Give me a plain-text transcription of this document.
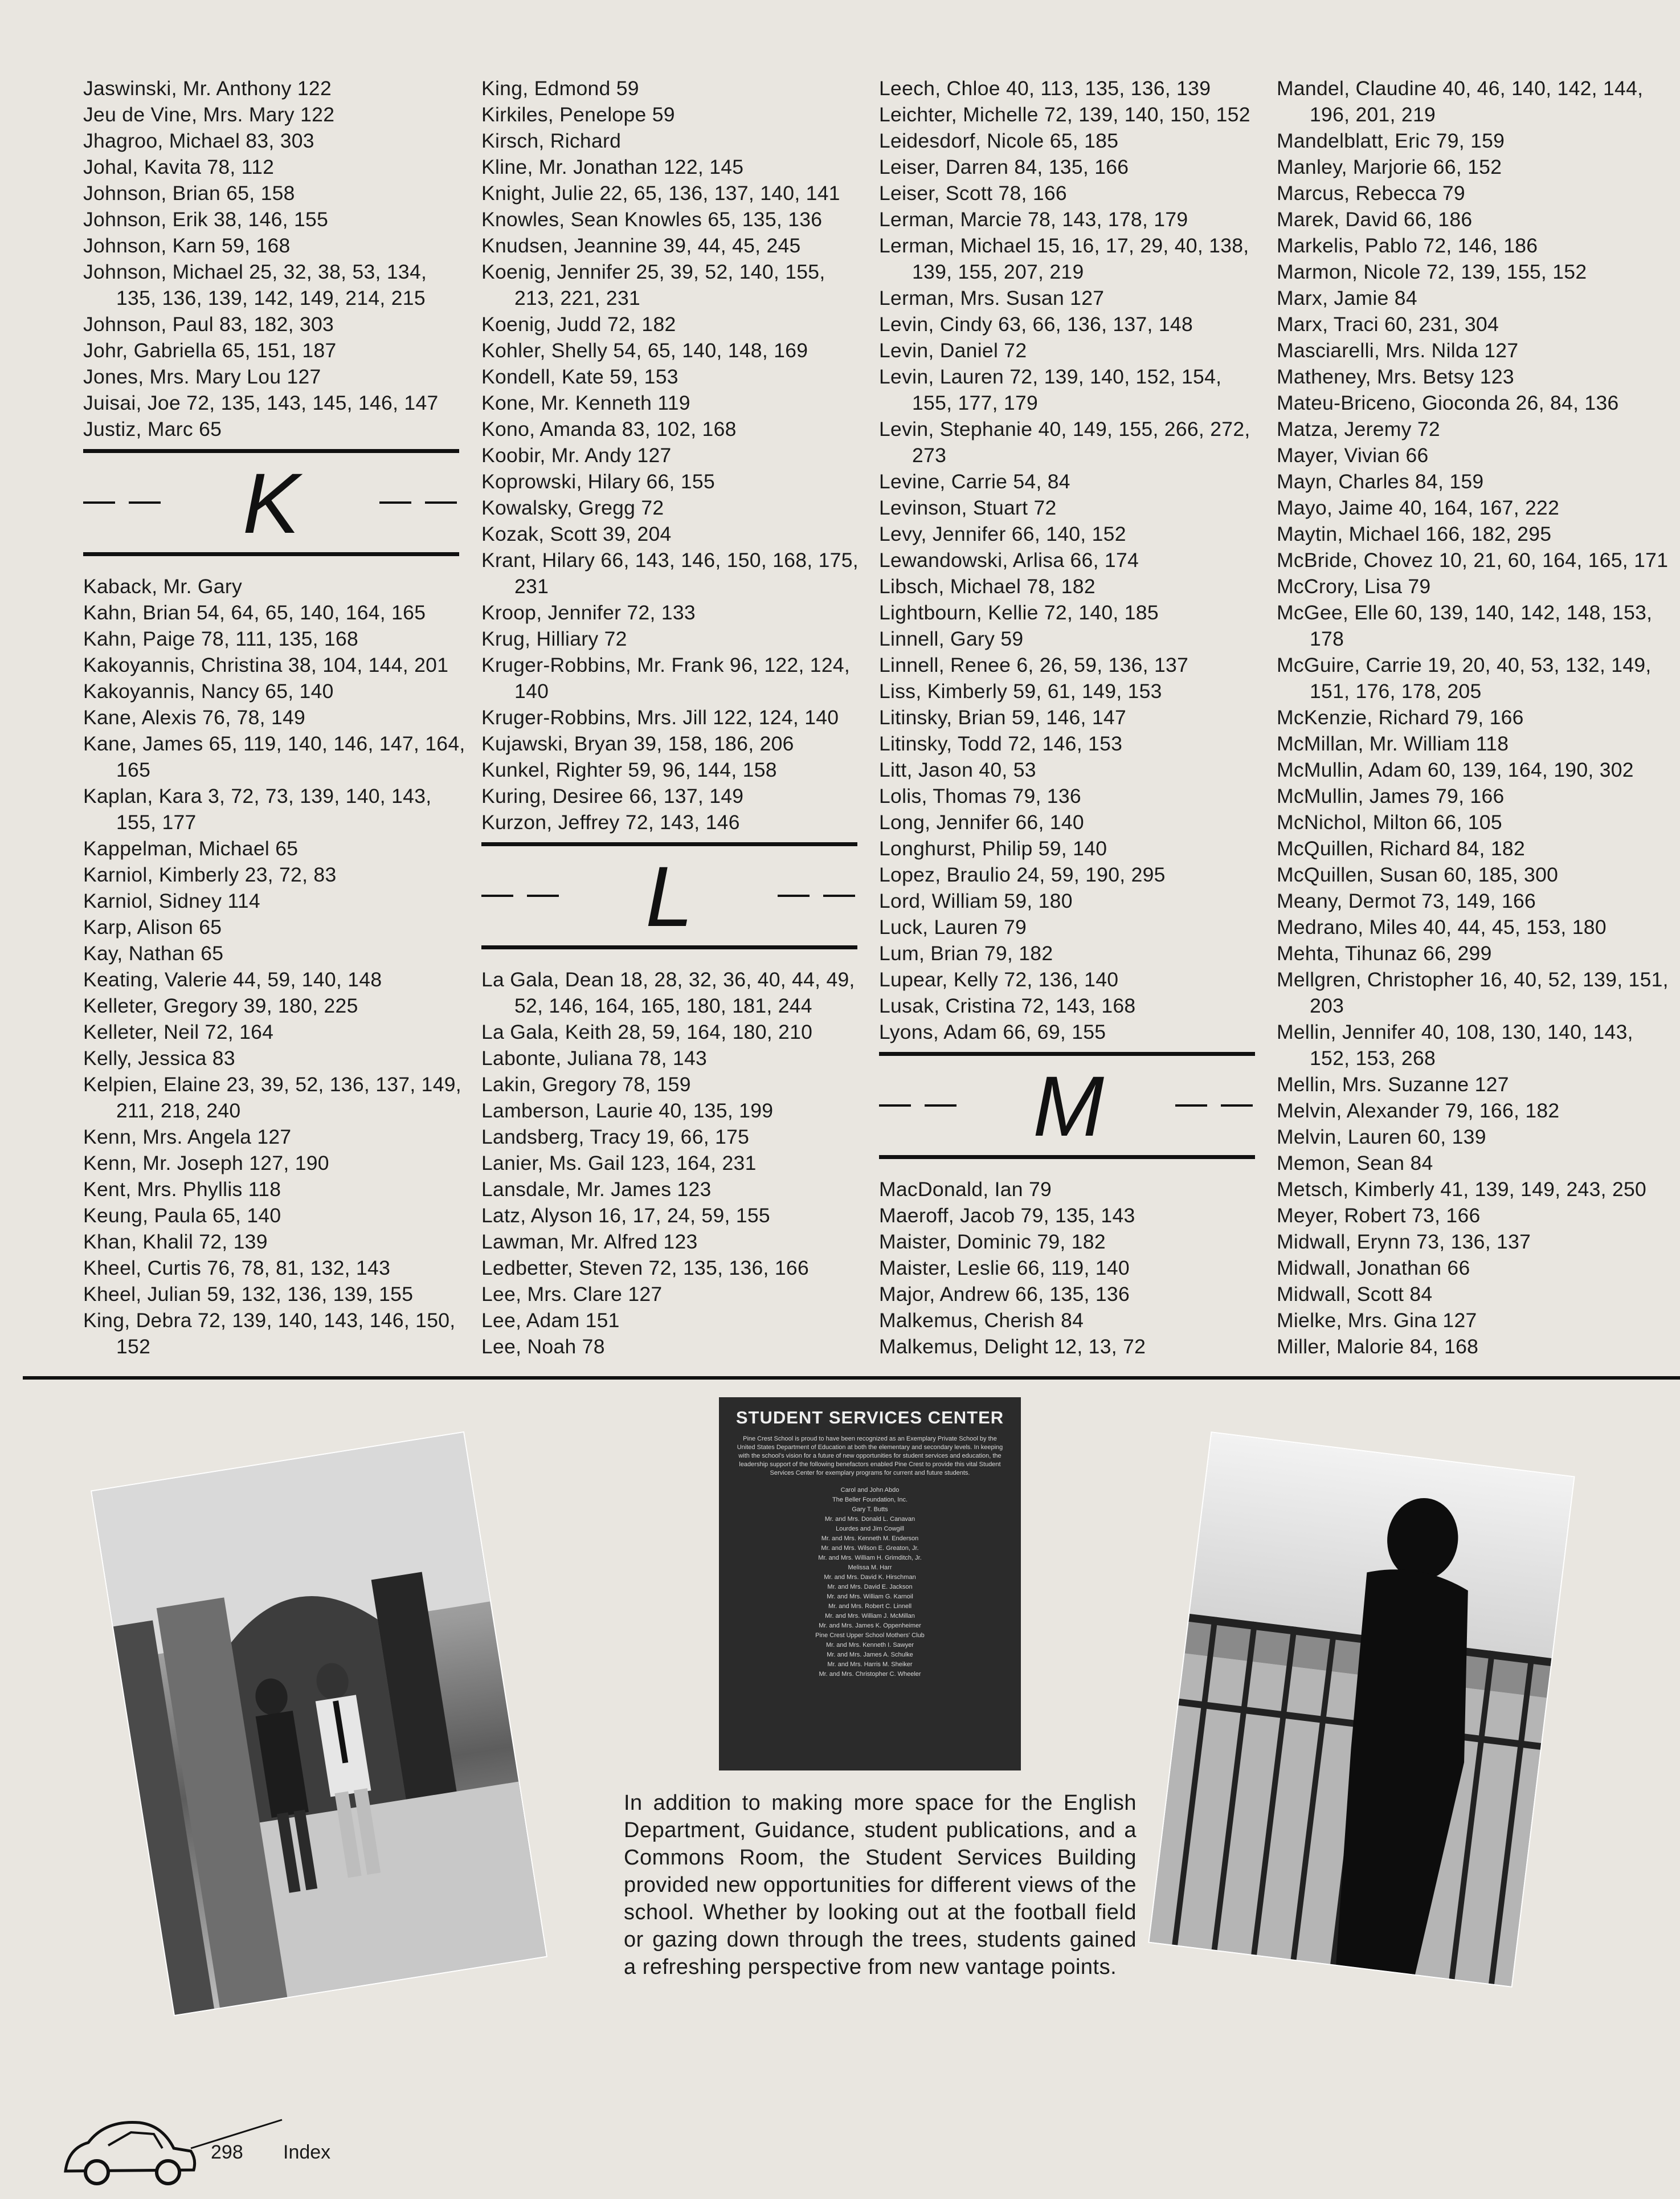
Jaswinski, Mr. Anthony 122
Jeu de Vine, Mrs. Mary 122
Jhagroo, Michael 83, 303
Johal, Kavita 78, 112
Johnson, Brian 65, 158
Johnson, Erik 38, 146, 155
Johnson, Karn 59, 168
Johnson, Michael 25, 32, 38, 53, 134, 135, 136, 139, 142, 149, 214, 215
Johnson, Paul 83, 182, 303
Johr, Gabriella 65, 151, 187
Jones, Mrs. Mary Lou 127
Juisai, Joe 72, 135, 143, 145, 146, 147
Justiz, Marc 65
K
Kaback, Mr. Gary
Kahn, Brian 54, 64, 65, 140, 164, 165
Kahn, Paige 78, 111, 135, 168
Kakoyannis, Christina 38, 104, 144, 201
Kakoyannis, Nancy 65, 140
Kane, Alexis 76, 78, 149
Kane, James 65, 119, 140, 146, 147, 164, 165
Kaplan, Kara 3, 72, 73, 139, 140, 143, 155, 177
Kappelman, Michael 65
Karniol, Kimberly 23, 72, 83
Karniol, Sidney 114
Karp, Alison 65
Kay, Nathan 65
Keating, Valerie 44, 59, 140, 148
Kelleter, Gregory 39, 180, 225
Kelleter, Neil 72, 164
Kelly, Jessica 83
Kelpien, Elaine 23, 39, 52, 136, 137, 149, 211, 218, 240
Kenn, Mrs. Angela 127
Kenn, Mr. Joseph 127, 190
Kent, Mrs. Phyllis 118
Keung, Paula 65, 140
Khan, Khalil 72, 139
Kheel, Curtis 76, 78, 81, 132, 143
Kheel, Julian 59, 132, 136, 139, 155
King, Debra 72, 139, 140, 143, 146, 150, 152
King, Edmond 59
Kirkiles, Penelope 59
Kirsch, Richard
Kline, Mr. Jonathan 122, 145
Knight, Julie 22, 65, 136, 137, 140, 141
Knowles, Sean Knowles 65, 135, 136
Knudsen, Jeannine 39, 44, 45, 245
Koenig, Jennifer 25, 39, 52, 140, 155, 213, 221, 231
Koenig, Judd 72, 182
Kohler, Shelly 54, 65, 140, 148, 169
Kondell, Kate 59, 153
Kone, Mr. Kenneth 119
Kono, Amanda 83, 102, 168
Koobir, Mr. Andy 127
Koprowski, Hilary 66, 155
Kowalsky, Gregg 72
Kozak, Scott 39, 204
Krant, Hilary 66, 143, 146, 150, 168, 175, 231
Kroop, Jennifer 72, 133
Krug, Hilliary 72
Kruger-Robbins, Mr. Frank 96, 122, 124, 140
Kruger-Robbins, Mrs. Jill 122, 124, 140
Kujawski, Bryan 39, 158, 186, 206
Kunkel, Righter 59, 96, 144, 158
Kuring, Desiree 66, 137, 149
Kurzon, Jeffrey 72, 143, 146
L
La Gala, Dean 18, 28, 32, 36, 40, 44, 49, 52, 146, 164, 165, 180, 181, 244
La Gala, Keith 28, 59, 164, 180, 210
Labonte, Juliana 78, 143
Lakin, Gregory 78, 159
Lamberson, Laurie 40, 135, 199
Landsberg, Tracy 19, 66, 175
Lanier, Ms. Gail 123, 164, 231
Lansdale, Mr. James 123
Latz, Alyson 16, 17, 24, 59, 155
Lawman, Mr. Alfred 123
Ledbetter, Steven 72, 135, 136, 166
Lee, Mrs. Clare 127
Lee, Adam 151
Lee, Noah 78
Leech, Chloe 40, 113, 135, 136, 139
Leichter, Michelle 72, 139, 140, 150, 152
Leidesdorf, Nicole 65, 185
Leiser, Darren 84, 135, 166
Leiser, Scott 78, 166
Lerman, Marcie 78, 143, 178, 179
Lerman, Michael 15, 16, 17, 29, 40, 138, 139, 155, 207, 219
Lerman, Mrs. Susan 127
Levin, Cindy 63, 66, 136, 137, 148
Levin, Daniel 72
Levin, Lauren 72, 139, 140, 152, 154, 155, 177, 179
Levin, Stephanie 40, 149, 155, 266, 272, 273
Levine, Carrie 54, 84
Levinson, Stuart 72
Levy, Jennifer 66, 140, 152
Lewandowski, Arlisa 66, 174
Libsch, Michael 78, 182
Lightbourn, Kellie 72, 140, 185
Linnell, Gary 59
Linnell, Renee 6, 26, 59, 136, 137
Liss, Kimberly 59, 61, 149, 153
Litinsky, Brian 59, 146, 147
Litinsky, Todd 72, 146, 153
Litt, Jason 40, 53
Lolis, Thomas 79, 136
Long, Jennifer 66, 140
Longhurst, Philip 59, 140
Lopez, Braulio 24, 59, 190, 295
Lord, William 59, 180
Luck, Lauren 79
Lum, Brian 79, 182
Lupear, Kelly 72, 136, 140
Lusak, Cristina 72, 143, 168
Lyons, Adam 66, 69, 155
M
MacDonald, Ian 79
Maeroff, Jacob 79, 135, 143
Maister, Dominic 79, 182
Maister, Leslie 66, 119, 140
Major, Andrew 66, 135, 136
Malkemus, Cherish 84
Malkemus, Delight 12, 13, 72
Mandel, Claudine 40, 46, 140, 142, 144, 196, 201, 219
Mandelblatt, Eric 79, 159
Manley, Marjorie 66, 152
Marcus, Rebecca 79
Marek, David 66, 186
Markelis, Pablo 72, 146, 186
Marmon, Nicole 72, 139, 155, 152
Marx, Jamie 84
Marx, Traci 60, 231, 304
Masciarelli, Mrs. Nilda 127
Matheney, Mrs. Betsy 123
Mateu-Briceno, Gioconda 26, 84, 136
Matza, Jeremy 72
Mayer, Vivian 66
Mayn, Charles 84, 159
Mayo, Jaime 40, 164, 167, 222
Maytin, Michael 166, 182, 295
McBride, Chovez 10, 21, 60, 164, 165, 171
McCrory, Lisa 79
McGee, Elle 60, 139, 140, 142, 148, 153, 178
McGuire, Carrie 19, 20, 40, 53, 132, 149, 151, 176, 178, 205
McKenzie, Richard 79, 166
McMillan, Mr. William 118
McMullin, Adam 60, 139, 164, 190, 302
McMullin, James 79, 166
McNichol, Milton 66, 105
McQuillen, Richard 84, 182
McQuillen, Susan 60, 185, 300
Meany, Dermot 73, 149, 166
Medrano, Miles 40, 44, 45, 153, 180
Mehta, Tihunaz 66, 299
Mellgren, Christopher 16, 40, 52, 139, 151, 203
Mellin, Jennifer 40, 108, 130, 140, 143, 152, 153, 268
Mellin, Mrs. Suzanne 127
Melvin, Alexander 79, 166, 182
Melvin, Lauren 60, 139
Memon, Sean 84
Metsch, Kimberly 41, 139, 149, 243, 250
Meyer, Robert 73, 166
Midwall, Erynn 73, 136, 137
Midwall, Jonathan 66
Midwall, Scott 84
Mielke, Mrs. Gina 127
Miller, Malorie 84, 168
STUDENT SERVICES CENTER
Pine Crest School is proud to have been recognized as an Exemplary Private School by the United States Department of Education at both the elementary and secondary levels. In keeping with the school's vision for a future of new opportunities for student services and education, the leadership support of the following benefactors enabled Pine Crest to provide this vital Student Services Center for exemplary programs for current and future students.
Carol and John Abdo
The Beller Foundation, Inc.
Gary T. Butts
Mr. and Mrs. Donald L. Canavan
Lourdes and Jim Cowgill
Mr. and Mrs. Kenneth M. Enderson
Mr. and Mrs. Wilson E. Greaton, Jr.
Mr. and Mrs. William H. Grimditch, Jr.
Melissa M. Harr
Mr. and Mrs. David K. Hirschman
Mr. and Mrs. David E. Jackson
Mr. and Mrs. William G. Karnoil
Mr. and Mrs. Robert C. Linnell
Mr. and Mrs. William J. McMillan
Mr. and Mrs. James K. Oppenheimer
Pine Crest Upper School Mothers' Club
Mr. and Mrs. Kenneth I. Sawyer
Mr. and Mrs. James A. Schulke
Mr. and Mrs. Harris M. Sheiker
Mr. and Mrs. Christopher C. Wheeler
In addition to making more space for the English Department, Guidance, student publications, and a Commons Room, the Student Services Building provided new opportunities for different views of the school. Whether by looking out at the football field or gazing down through the trees, students gained a refreshing perspective from new vantage points.
298 Index
